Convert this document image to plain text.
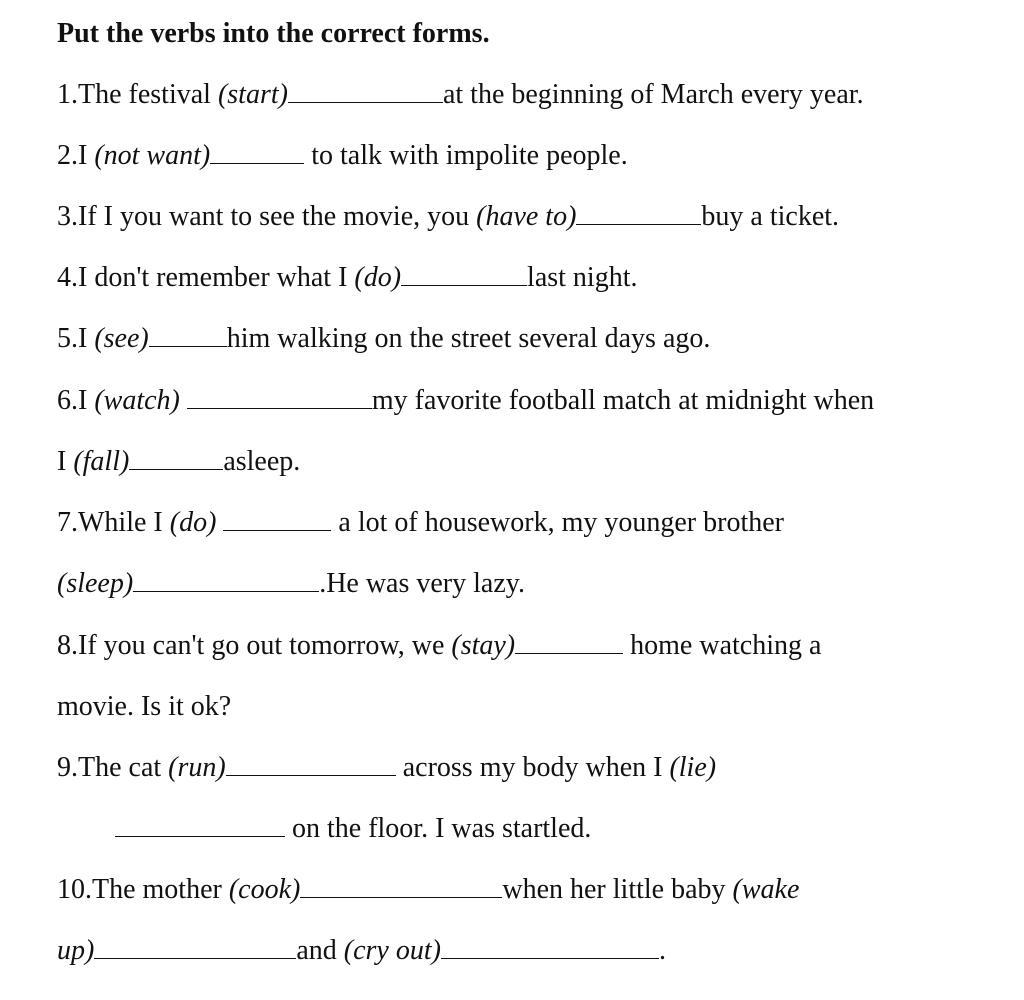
Put the verbs into the correct forms.
1.The festival (start)	at the beginning of March every year.
2.I (not want)	to talk with impolite people.
3.If I you want to see the movie, you (have to)	buy a ticket.
4.I don't remember what I (do)	last night.
5.I (see)	him walking on the street several days ago.
6.I (watch)	my favorite football match at midnight when
I (fall)	asleep.
7.While I (do)	a lot of housework, my younger brother
(sleep)	.He was very lazy.
8.If you can't go out tomorrow, we (stay)	home watching a
movie. Is it ok?
9.The cat (run)	across my body when I (lie)
on the floor. I was startled.
10.The mother (cook)	when her little baby (wake
up)	and (cry out)	.
